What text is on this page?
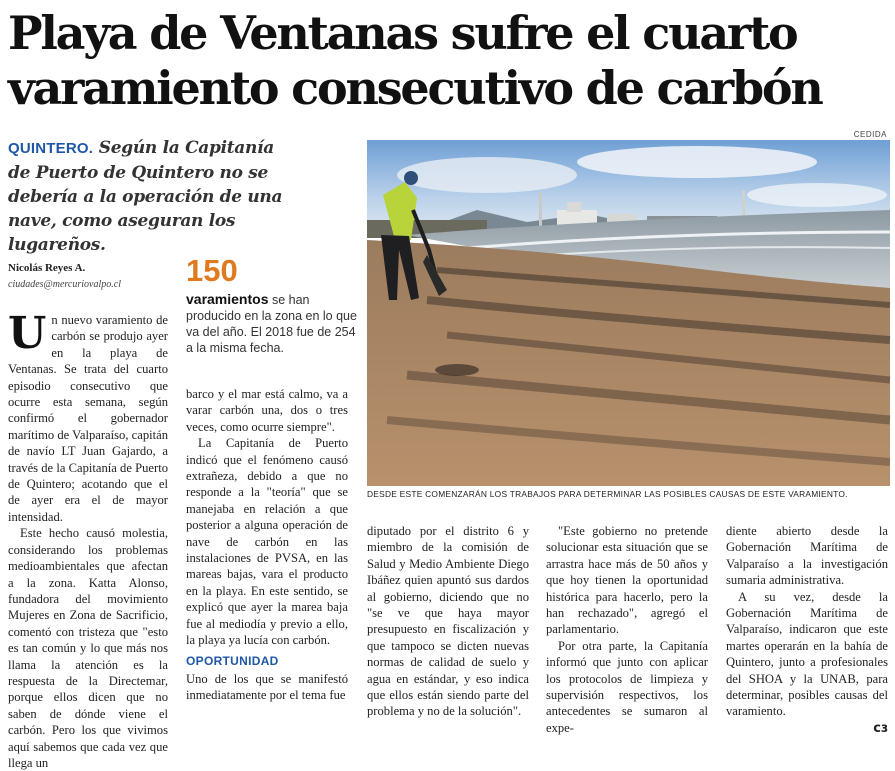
Playa de Ventanas sufre el cuarto varamiento consecutivo de carbón
CEDIDA
QUINTERO. Según la Capitanía de Puerto de Quintero no se debería a la operación de una nave, como aseguran los lugareños.
Nicolás Reyes A.
ciudades@mercuriovalpo.cl 150
varamientos se han producido en la zona en lo que va del año. El 2018 fue de 254 a la misma fecha.
DESDE ESTE COMENZARÁN LOS TRABAJOS PARA DETERMINAR LAS POSIBLES CAUSAS DE ESTE VARAMIENTO.

Un nuevo varamiento de carbón se produjo ayer en la playa de Ventanas. Se trata del cuarto episodio consecutivo que ocurre esta semana, según confirmó el gobernador marítimo de Valparaíso, capitán de navío LT Juan Gajardo, a través de la Capitanía de Puerto de Quintero; acotando que el de ayer era el de mayor intensidad.

Este hecho causó molestia, considerando los problemas medioambientales que afectan a la zona. Katta Alonso, fundadora del movimiento Mujeres en Zona de Sacrificio, comentó con tristeza que "esto es tan común y lo que más nos llama la atención es la respuesta de la Directemar, porque ellos dicen que no saben de dónde viene el carbón. Pero los que vivimos aquí sabemos que cada vez que llega un

barco y el mar está calmo, va a varar carbón una, dos o tres veces, como ocurre siempre".

La Capitanía de Puerto indicó que el fenómeno causó extrañeza, debido a que no responde a la "teoría" que se manejaba en relación a que posterior a alguna operación de nave de carbón en las instalaciones de PVSA, en las mareas bajas, vara el producto en la playa. En este sentido, se explicó que ayer la marea baja fue al mediodía y previo a ello, la playa ya lucía con carbón.

OPORTUNIDAD

Uno de los que se manifestó inmediatamente por el tema fue

diputado por el distrito 6 y miembro de la comisión de Salud y Medio Ambiente Diego Ibáñez quien apuntó sus dardos al gobierno, diciendo que no "se ve que haya mayor presupuesto en fiscalización y que tampoco se dicten nuevas normas de calidad de suelo y agua en estándar, y eso indica que ellos están siendo parte del problema y no de la solución".

"Este gobierno no pretende solucionar esta situación que se arrastra hace más de 50 años y que hoy tienen la oportunidad histórica para hacerlo, pero la han rechazado", agregó el parlamentario.

Por otra parte, la Capitanía informó que junto con aplicar los protocolos de limpieza y supervisión respectivos, los antecedentes se sumaron al expe-

diente abierto desde la Gobernación Marítima de Valparaíso a la investigación sumaria administrativa.

A su vez, desde la Gobernación Marítima de Valparaíso, indicaron que este martes operarán en la bahía de Quintero, junto a profesionales del SHOA y la UNAB, para determinar, posibles causas del varamiento.

ᴄɜ
